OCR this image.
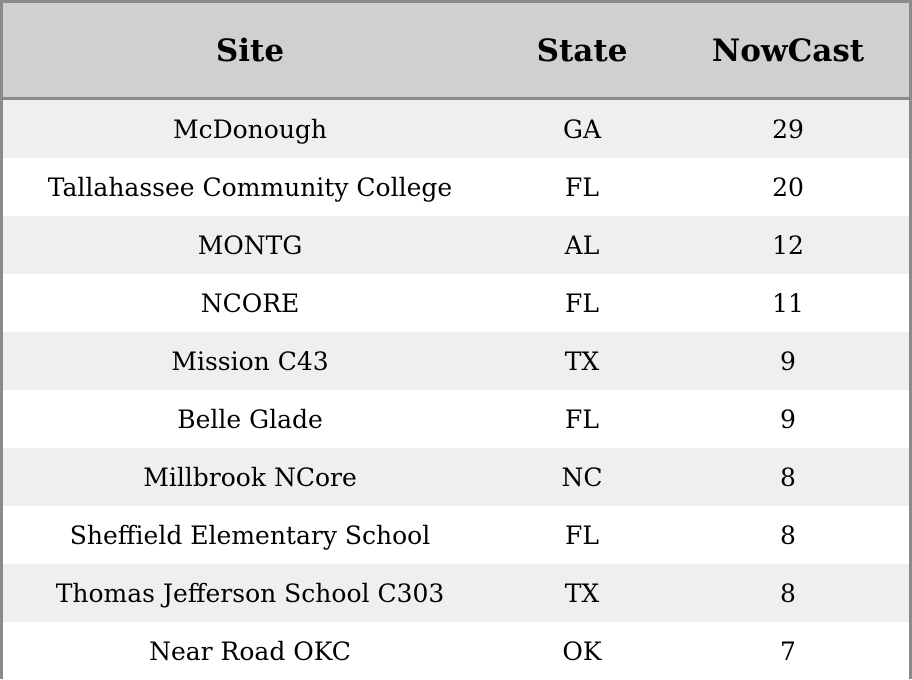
Site	State	NowCast
McDonough	GA	29
Tallahassee Community College	FL	20
MONTG	AL	12
NCORE	FL	11
Mission C43	TX	9
Belle Glade	FL	9
Millbrook NCore	NC	8
Sheffield Elementary School	FL	8
Thomas Jefferson School C303	TX	8
Near Road OKC	OK	7
